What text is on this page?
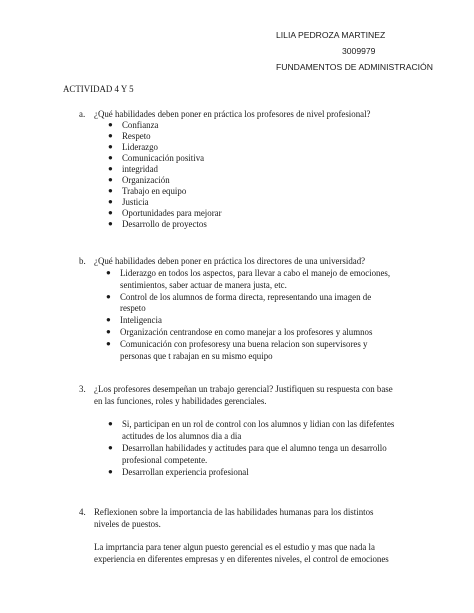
LILIA PEDROZA MARTINEZ
3009979
FUNDAMENTOS DE ADMINISTRACIÓN
ACTIVIDAD 4 Y 5
a. ¿Qué habilidades deben poner en práctica los profesores de nivel profesional?
● Confianza
● Respeto
● Liderazgo
● Comunicación positiva
● integridad
● Organización
● Trabajo en equipo
● Justicia
● Oportunidades para mejorar
● Desarrollo de proyectos
b. ¿Qué habilidades deben poner en práctica los directores de una universidad?
● Liderazgo en todos los aspectos, para llevar a cabo el manejo de emociones,
sentimientos, saber actuar de manera justa, etc.
● Control de los alumnos de forma directa, representando una imagen de
respeto
● Inteligencia
● Organización centrandose en como manejar a los profesores y alumnos
● Comunicación con profesoresy una buena relacion son supervisores y
personas que t rabajan en su mismo equipo
3. ¿Los profesores desempeñan un trabajo gerencial? Justifiquen su respuesta con base
en las funciones, roles y habilidades gerenciales.
● Si, participan en un rol de control con los alumnos y lidian con las difefentes
actitudes de los alumnos dia a dia
● Desarrollan habilidades y actitudes para que el alumno tenga un desarrollo
profesional competente.
● Desarrollan experiencia profesional
4. Reflexionen sobre la importancia de las habilidades humanas para los distintos
niveles de puestos.
La imprtancia para tener algun puesto gerencial es el estudio y mas que nada la
experiencia en diferentes empresas y en diferentes niveles, el control de emociones
